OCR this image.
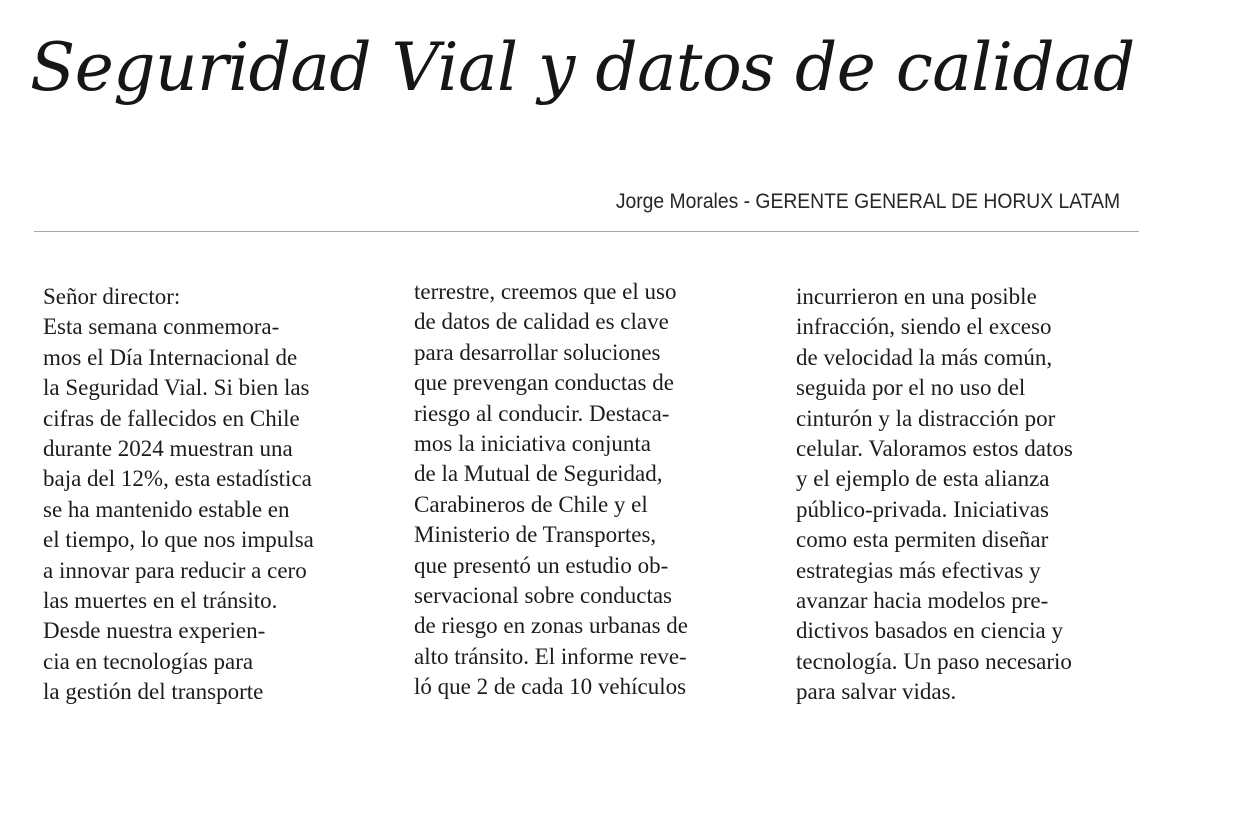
Seguridad Vial y datos de calidad
Jorge Morales - GERENTE GENERAL DE HORUX LATAM
Señor director:
Esta semana conmemora-
mos el Día Internacional de
la Seguridad Vial. Si bien las
cifras de fallecidos en Chile
durante 2024 muestran una
baja del 12%, esta estadística
se ha mantenido estable en
el tiempo, lo que nos impulsa
a innovar para reducir a cero
las muertes en el tránsito.
Desde nuestra experien-
cia en tecnologías para
la gestión del transporte
terrestre, creemos que el uso
de datos de calidad es clave
para desarrollar soluciones
que prevengan conductas de
riesgo al conducir. Destaca-
mos la iniciativa conjunta
de la Mutual de Seguridad,
Carabineros de Chile y el
Ministerio de Transportes,
que presentó un estudio ob-
servacional sobre conductas
de riesgo en zonas urbanas de
alto tránsito. El informe reve-
ló que 2 de cada 10 vehículos
incurrieron en una posible
infracción, siendo el exceso
de velocidad la más común,
seguida por el no uso del
cinturón y la distracción por
celular. Valoramos estos datos
y el ejemplo de esta alianza
público-privada. Iniciativas
como esta permiten diseñar
estrategias más efectivas y
avanzar hacia modelos pre-
dictivos basados en ciencia y
tecnología. Un paso necesario
para salvar vidas.
